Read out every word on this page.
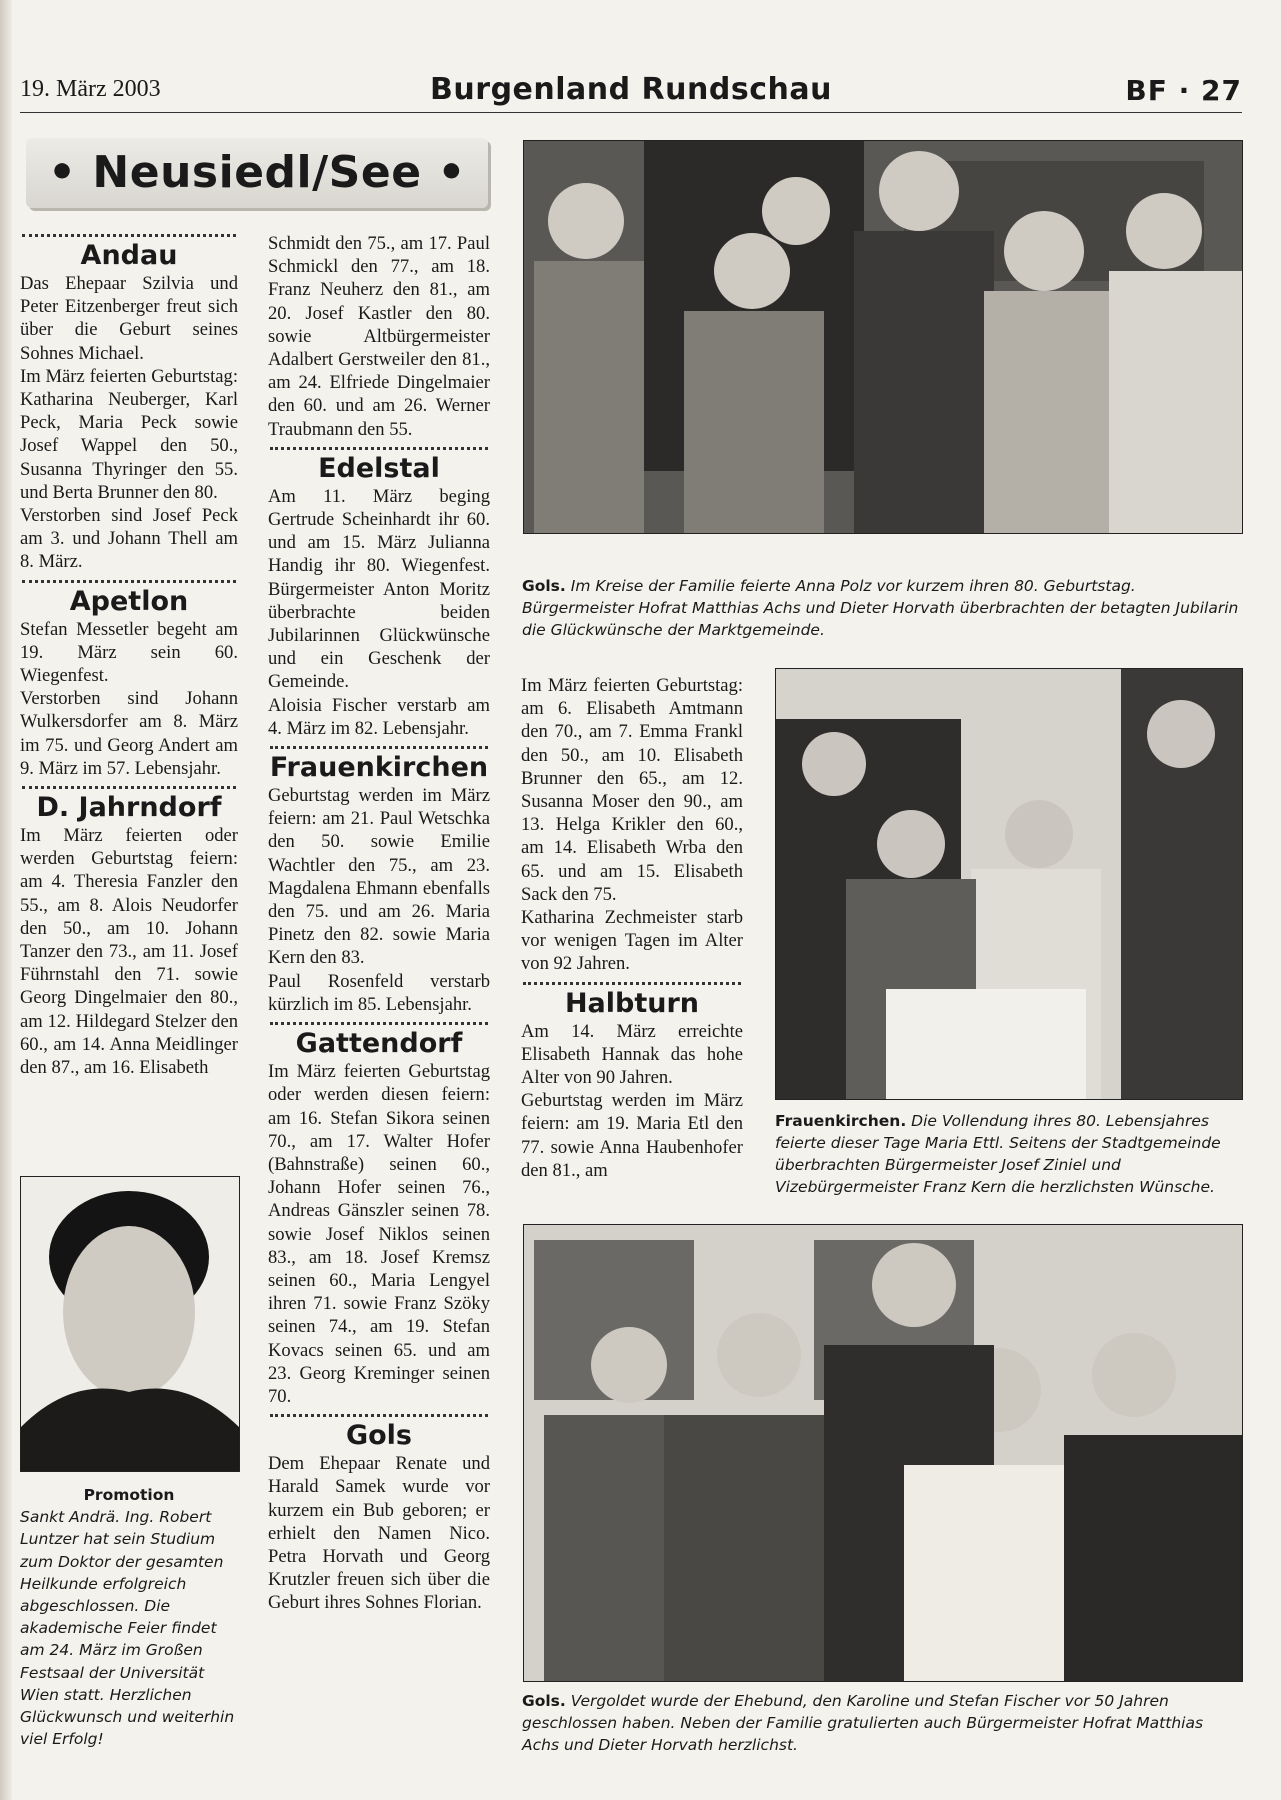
19. März 2003	Burgenland Rundschau	BF · 27
• Neusiedl/See •
Andau

Das Ehepaar Szilvia und Peter Eitzenberger freut sich über die Geburt seines Sohnes Michael.

Im März feierten Geburtstag: Katharina Neuberger, Karl Peck, Maria Peck sowie Josef Wappel den 50., Susanna Thyringer den 55. und Berta Brunner den 80.

Verstorben sind Josef Peck am 3. und Johann Thell am 8. März.

Apetlon

Stefan Messetler begeht am 19. März sein 60. Wiegenfest.

Verstorben sind Johann Wulkersdorfer am 8. März im 75. und Georg Andert am 9. März im 57. Lebensjahr.

D. Jahrndorf

Im März feierten oder werden Geburtstag feiern: am 4. Theresia Fanzler den 55., am 8. Alois Neudorfer den 50., am 10. Johann Tanzer den 73., am 11. Josef Führnstahl den 71. sowie Georg Dingelmaier den 80., am 12. Hildegard Stelzer den 60., am 14. Anna Meidlinger den 87., am 16. Elisabeth

Schmidt den 75., am 17. Paul Schmickl den 77., am 18. Franz Neuherz den 81., am 20. Josef Kastler den 80. sowie Altbürgermeister Adalbert Gerstweiler den 81., am 24. Elfriede Dingelmaier den 60. und am 26. Werner Traubmann den 55.

Edelstal

Am 11. März beging Gertrude Scheinhardt ihr 60. und am 15. März Julianna Handig ihr 80. Wiegenfest. Bürgermeister Anton Moritz überbrachte beiden Jubilarinnen Glückwünsche und ein Geschenk der Gemeinde.

Aloisia Fischer verstarb am 4. März im 82. Lebensjahr.

Frauenkirchen

Geburtstag werden im März feiern: am 21. Paul Wetschka den 50. sowie Emilie Wachtler den 75., am 23. Magdalena Ehmann ebenfalls den 75. und am 26. Maria Pinetz den 82. sowie Maria Kern den 83.

Paul Rosenfeld verstarb kürzlich im 85. Lebensjahr.

Gattendorf

Im März feierten Geburtstag oder werden diesen feiern: am 16. Stefan Sikora seinen 70., am 17. Walter Hofer (Bahnstraße) seinen 60., Johann Hofer seinen 76., Andreas Gänszler seinen 78. sowie Josef Niklos seinen 83., am 18. Josef Kremsz seinen 60., Maria Lengyel ihren 71. sowie Franz Szöky seinen 74., am 19. Stefan Kovacs seinen 65. und am 23. Georg Kreminger seinen 70.

Gols

Dem Ehepaar Renate und Harald Samek wurde vor kurzem ein Bub geboren; er erhielt den Namen Nico. Petra Horvath und Georg Krutzler freuen sich über die Geburt ihres Sohnes Florian.

Im März feierten Geburtstag: am 6. Elisabeth Amtmann den 70., am 7. Emma Frankl den 50., am 10. Elisabeth Brunner den 65., am 12. Susanna Moser den 90., am 13. Helga Krikler den 60., am 14. Elisabeth Wrba den 65. und am 15. Elisabeth Sack den 75.

Katharina Zechmeister starb vor wenigen Tagen im Alter von 92 Jahren.

Halbturn

Am 14. März erreichte Elisabeth Hannak das hohe Alter von 90 Jahren.

Geburtstag werden im März feiern: am 19. Maria Etl den 77. sowie Anna Haubenhofer den 81., am

Gols. Im Kreise der Familie feierte Anna Polz vor kurzem ihren 80. Geburtstag. Bürgermeister Hofrat Matthias Achs und Dieter Horvath überbrachten der betagten Jubilarin die Glückwünsche der Marktgemeinde.
Frauenkirchen. Die Vollendung ihres 80. Lebensjahres feierte dieser Tage Maria Ettl. Seitens der Stadtgemeinde überbrachten Bürgermeister Josef Ziniel und Vizebürgermeister Franz Kern die herzlichsten Wünsche.
Gols. Vergoldet wurde der Ehebund, den Karoline und Stefan Fischer vor 50 Jahren geschlossen haben. Neben der Familie gratulierten auch Bürgermeister Hofrat Matthias Achs und Dieter Horvath herzlichst.
Promotion
Sankt Andrä. Ing. Robert Luntzer hat sein Studium zum Doktor der gesamten Heilkunde erfolgreich abgeschlossen. Die akademische Feier findet am 24. März im Großen Festsaal der Universität Wien statt. Herzlichen Glückwunsch und weiterhin viel Erfolg!
